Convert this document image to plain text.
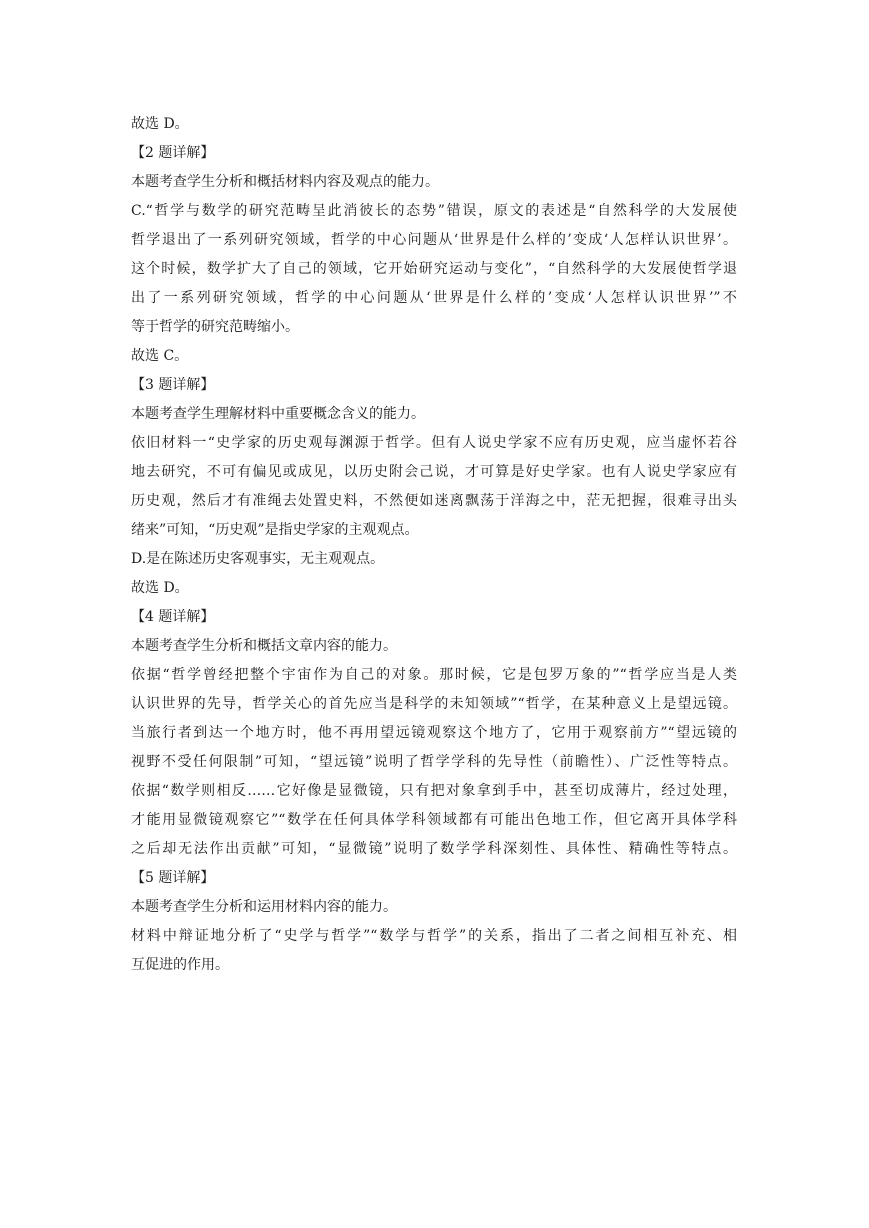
故选 D。

【2 题详解】

本题考查学生分析和概括材料内容及观点的能力。

C.“哲学与数学的研究范畴呈此消彼长的态势”错误，原文的表述是“自然科学的大发展使

哲学退出了一系列研究领域，哲学的中心问题从‘世界是什么样的’变成‘人怎样认识世界’。

这个时候，数学扩大了自己的领域，它开始研究运动与变化”，“自然科学的大发展使哲学退

出了一系列研究领域，哲学的中心问题从‘世界是什么样的’变成‘人怎样认识世界’”不

等于哲学的研究范畴缩小。

故选 C。

【3 题详解】

本题考查学生理解材料中重要概念含义的能力。

依旧材料一“史学家的历史观每渊源于哲学。但有人说史学家不应有历史观，应当虚怀若谷

地去研究，不可有偏见或成见，以历史附会己说，才可算是好史学家。也有人说史学家应有

历史观，然后才有准绳去处置史料，不然便如迷离飘荡于洋海之中，茫无把握，很难寻出头

绪来”可知，“历史观”是指史学家的主观观点。

D.是在陈述历史客观事实，无主观观点。

故选 D。

【4 题详解】

本题考查学生分析和概括文章内容的能力。

依据“哲学曾经把整个宇宙作为自己的对象。那时候，它是包罗万象的”“哲学应当是人类

认识世界的先导，哲学关心的首先应当是科学的未知领域”“哲学，在某种意义上是望远镜。

当旅行者到达一个地方时，他不再用望远镜观察这个地方了，它用于观察前方”“望远镜的

视野不受任何限制”可知，“望远镜”说明了哲学学科的先导性（前瞻性）、广泛性等特点。

依据“数学则相反……它好像是显微镜，只有把对象拿到手中，甚至切成薄片，经过处理，

才能用显微镜观察它”“数学在任何具体学科领域都有可能出色地工作，但它离开具体学科

之后却无法作出贡献”可知，“显微镜”说明了数学学科深刻性、具体性、精确性等特点。

【5 题详解】

本题考查学生分析和运用材料内容的能力。

材料中辩证地分析了“史学与哲学”“数学与哲学”的关系，指出了二者之间相互补充、相

互促进的作用。
